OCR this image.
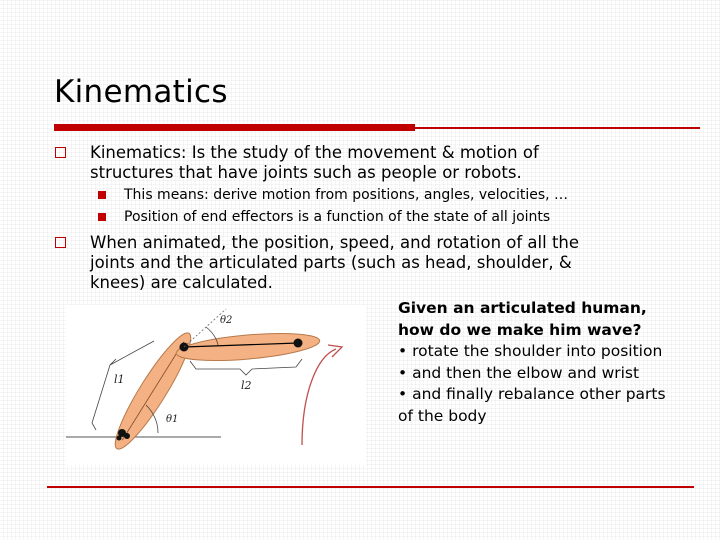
Kinematics
Kinematics: Is the study of the movement & motion of
structures that have joints such as people or robots.
This means: derive motion from positions, angles, velocities, …
Position of end effectors is a function of the state of all joints
When animated, the position, speed, and rotation of all the
joints and the articulated parts (such as head, shoulder, &
knees) are calculated.
θ2
θ1
l1	l2
Given an articulated human,
how do we make him wave?
• rotate the shoulder into position
• and then the elbow and wrist
• and finally rebalance other parts
of the body
